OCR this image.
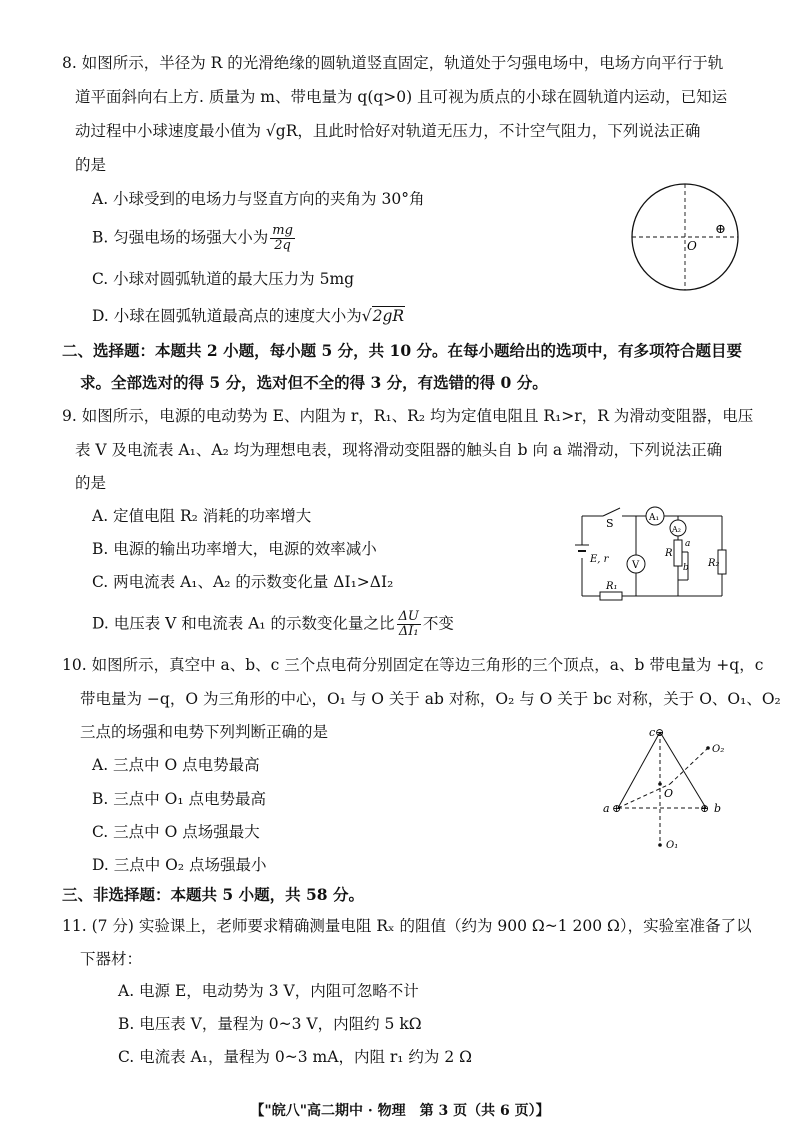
8. 如图所示，半径为 R 的光滑绝缘的圆轨道竖直固定，轨道处于匀强电场中，电场方向平行于轨
道平面斜向右上方. 质量为 m、带电量为 q(q>0) 且可视为质点的小球在圆轨道内运动，已知运
动过程中小球速度最小值为 √gR，且此时恰好对轨道无压力，不计空气阻力，下列说法正确
的是
A. 小球受到的电场力与竖直方向的夹角为 30°角
B. 匀强电场的场强大小为 $\frac{mg}{2q}$
C. 小球对圆弧轨道的最大压力为 5mg
D. 小球在圆弧轨道最高点的速度大小为√2gR
O
⊕
二、选择题：本题共 2 小题，每小题 5 分，共 10 分。在每小题给出的选项中，有多项符合题目要
求。全部选对的得 5 分，选对但不全的得 3 分，有选错的得 0 分。
9. 如图所示，电源的电动势为 E、内阻为 r，R₁、R₂ 均为定值电阻且 R₁>r，R 为滑动变阻器，电压
表 V 及电流表 A₁、A₂ 均为理想电表，现将滑动变阻器的触头自 b 向 a 端滑动，下列说法正确
的是
A. 定值电阻 R₂ 消耗的功率增大
B. 电源的输出功率增大，电源的效率减小
C. 两电流表 A₁、A₂ 的示数变化量 ΔI₁>ΔI₂
D. 电压表 V 和电流表 A₁ 的示数变化量之比 $\frac{\Delta U}{\text{ΔI₁}}$ 不变
S	A₁
A₂
V
R
a
b R₂
R₁
E, r
10. 如图所示，真空中 a、b、c 三个点电荷分别固定在等边三角形的三个顶点，a、b 带电量为 +q，c
带电量为 −q，O 为三角形的中心，O₁ 与 O 关于 ab 对称，O₂ 与 O 关于 bc 对称，关于 O、O₁、O₂
三点的场强和电势下列判断正确的是
A. 三点中 O 点电势最高
B. 三点中 O₁ 点电势最高
C. 三点中 O 点场强最大
D. 三点中 O₂ 点场强最小
c ⊖
a ⊕	⊕ b
O
O₁
O₂
三、非选择题：本题共 5 小题，共 58 分。
11. (7 分) 实验课上，老师要求精确测量电阻 Rₓ 的阻值（约为 900 Ω~1 200 Ω），实验室准备了以
下器材：
A. 电源 E，电动势为 3 V，内阻可忽略不计
B. 电压表 V，量程为 0~3 V，内阻约 5 kΩ
C. 电流表 A₁，量程为 0~3 mA，内阻 r₁ 约为 2 Ω
【"皖八"高二期中 · 物理　第 3 页（共 6 页）】
